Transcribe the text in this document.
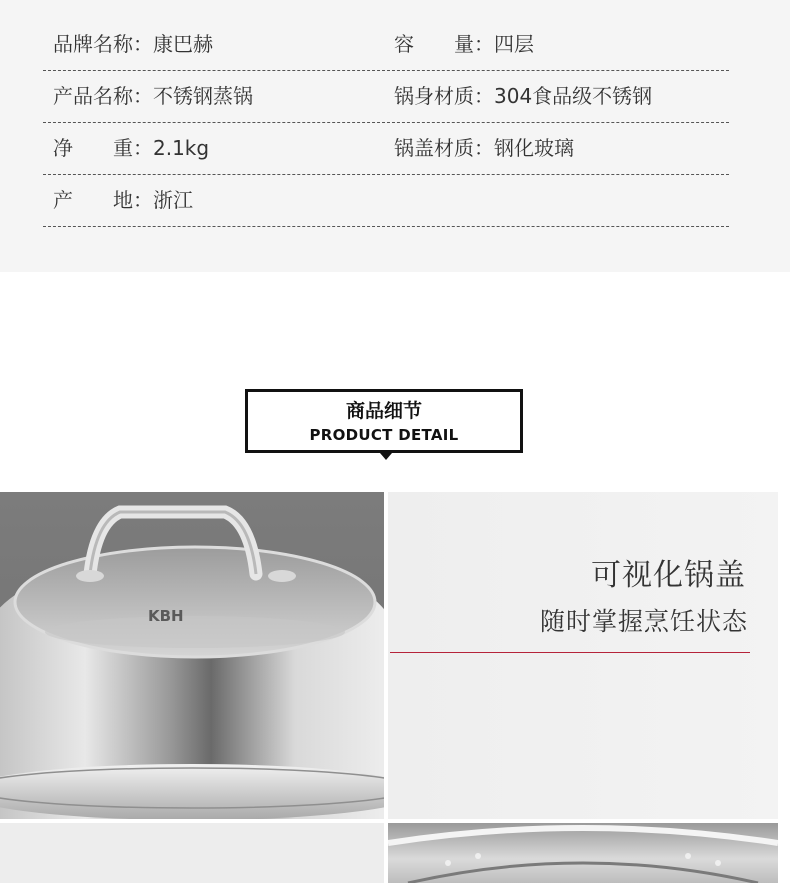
品牌名称：康巴赫	容　　量：四层
产品名称：不锈钢蒸锅	锅身材质：304食品级不锈钢
净　　重：2.1kg	锅盖材质：钢化玻璃
产　　地：浙江
商品细节
PRODUCT DETAIL
KBH
可视化锅盖
随时掌握烹饪状态
